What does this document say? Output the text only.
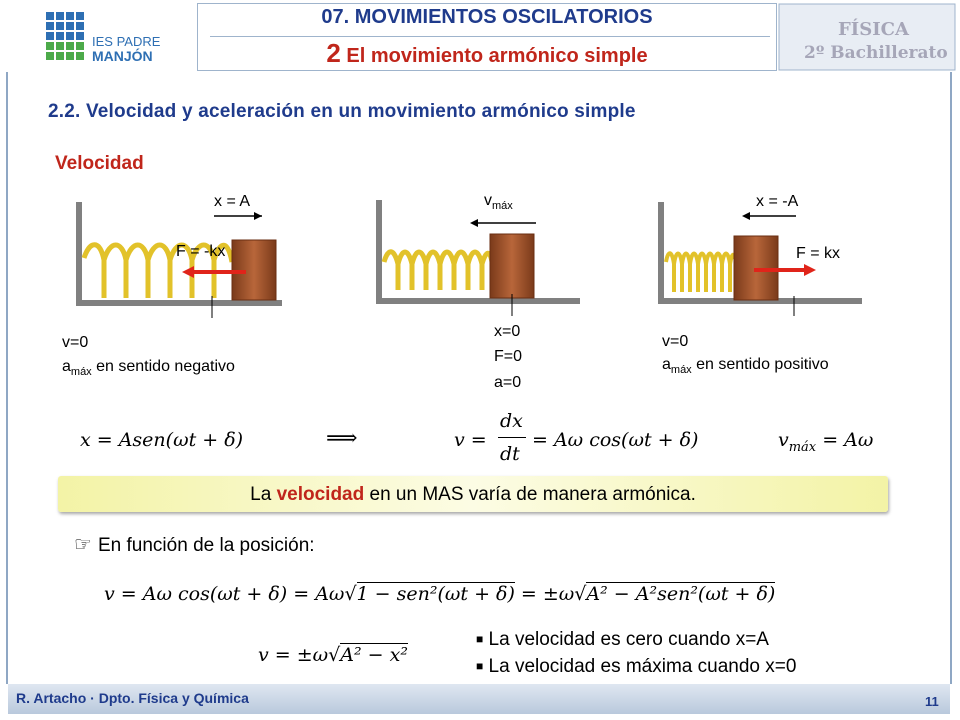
IES PADRE
MANJÓN
07. MOVIMIENTOS OSCILATORIOS
2 El movimiento armónico simple
FÍSICA
2º Bachillerato
2.2. Velocidad y aceleración en un movimiento armónico simple
Velocidad
x = A
F = -kx
v=0
$a_{máx}$ en sentido negativo
$v_{máx}$
x=0
F=0
a=0
x = -A
F = kx
v=0
$a_{máx}$ en sentido positivo
x = Asen(ωt + δ)	⟹	v =
dx
dt
= Aω cos(ωt + δ)	$v_{máx} = A\omega$
La velocidad en un MAS varía de manera armónica.
☞ En función de la posición:
v = Aω cos(ωt + δ) = Aω√1 − sen²(ωt + δ) = ±ω√A² − A²sen²(ωt + δ)
v = ±ω√A² − x²
■ La velocidad es cero cuando x=A
■ La velocidad es máxima cuando x=0
R. Artacho · Dpto. Física y Química	11
